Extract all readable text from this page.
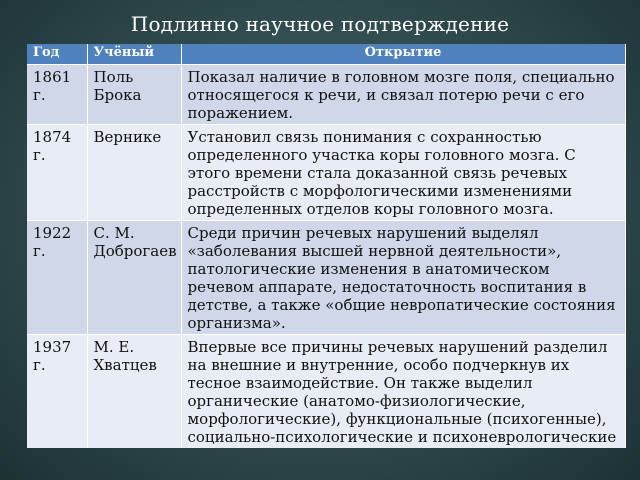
Подлинно научное подтверждение
Год	Учёный	Открытие
1861 г.	Поль Брока	Показал наличие в головном мозге поля, специально относящегося к речи, и связал потерю речи с его поражением.
1874 г.	Вернике	Установил связь понимания с сохранностью определенного участка коры головного мозга. С этого времени стала доказанной связь речевых расстройств с морфологическими изменениями определенных отделов коры головного мозга.
1922 г.	С. М. Доброгаев	Среди причин речевых нарушений выделял «заболевания высшей нервной деятельности», патологические изменения в анатомическом речевом аппарате, недостаточность воспитания в детстве, а также «общие невропатические состояния организма».
1937 г.	М. Е. Хватцев	Впервые все причины речевых нарушений разделил на внешние и внутренние, особо подчеркнув их тесное взаимодействие. Он также выделил органические (анатомо-физиологические, морфологические), функциональные (психогенные), социально-психологические и психоневрологические
